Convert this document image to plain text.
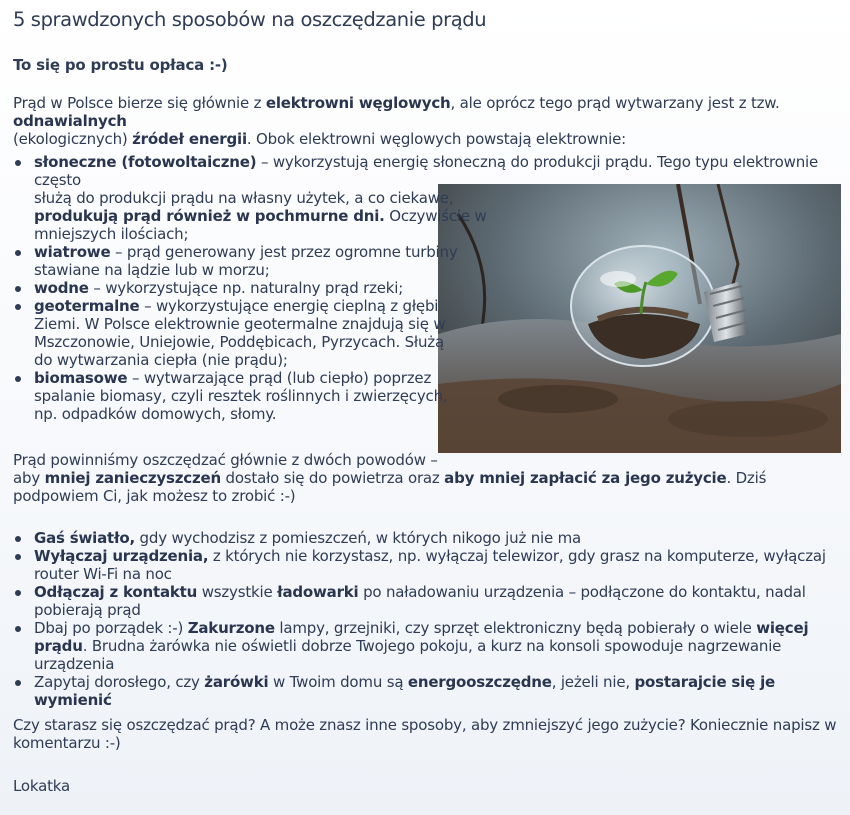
5 sprawdzonych sposobów na oszczędzanie prądu
To się po prostu opłaca :-)

Prąd w Polsce bierze się głównie z elektrowni węglowych, ale oprócz tego prąd wytwarzany jest z tzw. odnawialnych
(ekologicznych) źródeł energii. Obok elektrowni węglowych powstają elektrownie:

słoneczne (fotowoltaiczne) – wykorzystują energię słoneczną do produkcji prądu. Tego typu elektrownie często
służą do produkcji prądu na własny użytek, a co ciekawe,
produkują prąd również w pochmurne dni. Oczywiście w
mniejszych ilościach;
wiatrowe – prąd generowany jest przez ogromne turbiny
stawiane na lądzie lub w morzu;
wodne – wykorzystujące np. naturalny prąd rzeki;
geotermalne – wykorzystujące energię cieplną z głębi
Ziemi. W Polsce elektrownie geotermalne znajdują się w
Mszczonowie, Uniejowie, Poddębicach, Pyrzycach. Służą
do wytwarzania ciepła (nie prądu);
biomasowe – wytwarzające prąd (lub ciepło) poprzez
spalanie biomasy, czyli resztek roślinnych i zwierzęcych,
np. odpadków domowych, słomy.

Prąd powinniśmy oszczędzać głównie z dwóch powodów –
aby mniej zanieczyszczeń dostało się do powietrza oraz aby mniej zapłacić za jego zużycie. Dziś podpowiem Ci, jak możesz to zrobić :-)

Gaś światło, gdy wychodzisz z pomieszczeń, w których nikogo już nie ma
Wyłączaj urządzenia, z których nie korzystasz, np. wyłączaj telewizor, gdy grasz na komputerze, wyłączaj router Wi-Fi na noc
Odłączaj z kontaktu wszystkie ładowarki po naładowaniu urządzenia – podłączone do kontaktu, nadal pobierają prąd
Dbaj po porządek :-) Zakurzone lampy, grzejniki, czy sprzęt elektroniczny będą pobierały o wiele więcej prądu. Brudna żarówka nie oświetli dobrze Twojego pokoju, a kurz na konsoli spowoduje nagrzewanie urządzenia
Zapytaj dorosłego, czy żarówki w Twoim domu są energooszczędne, jeżeli nie, postarajcie się je wymienić

Czy starasz się oszczędzać prąd? A może znasz inne sposoby, aby zmniejszyć jego zużycie? Koniecznie napisz w komentarzu :-)

Lokatka
